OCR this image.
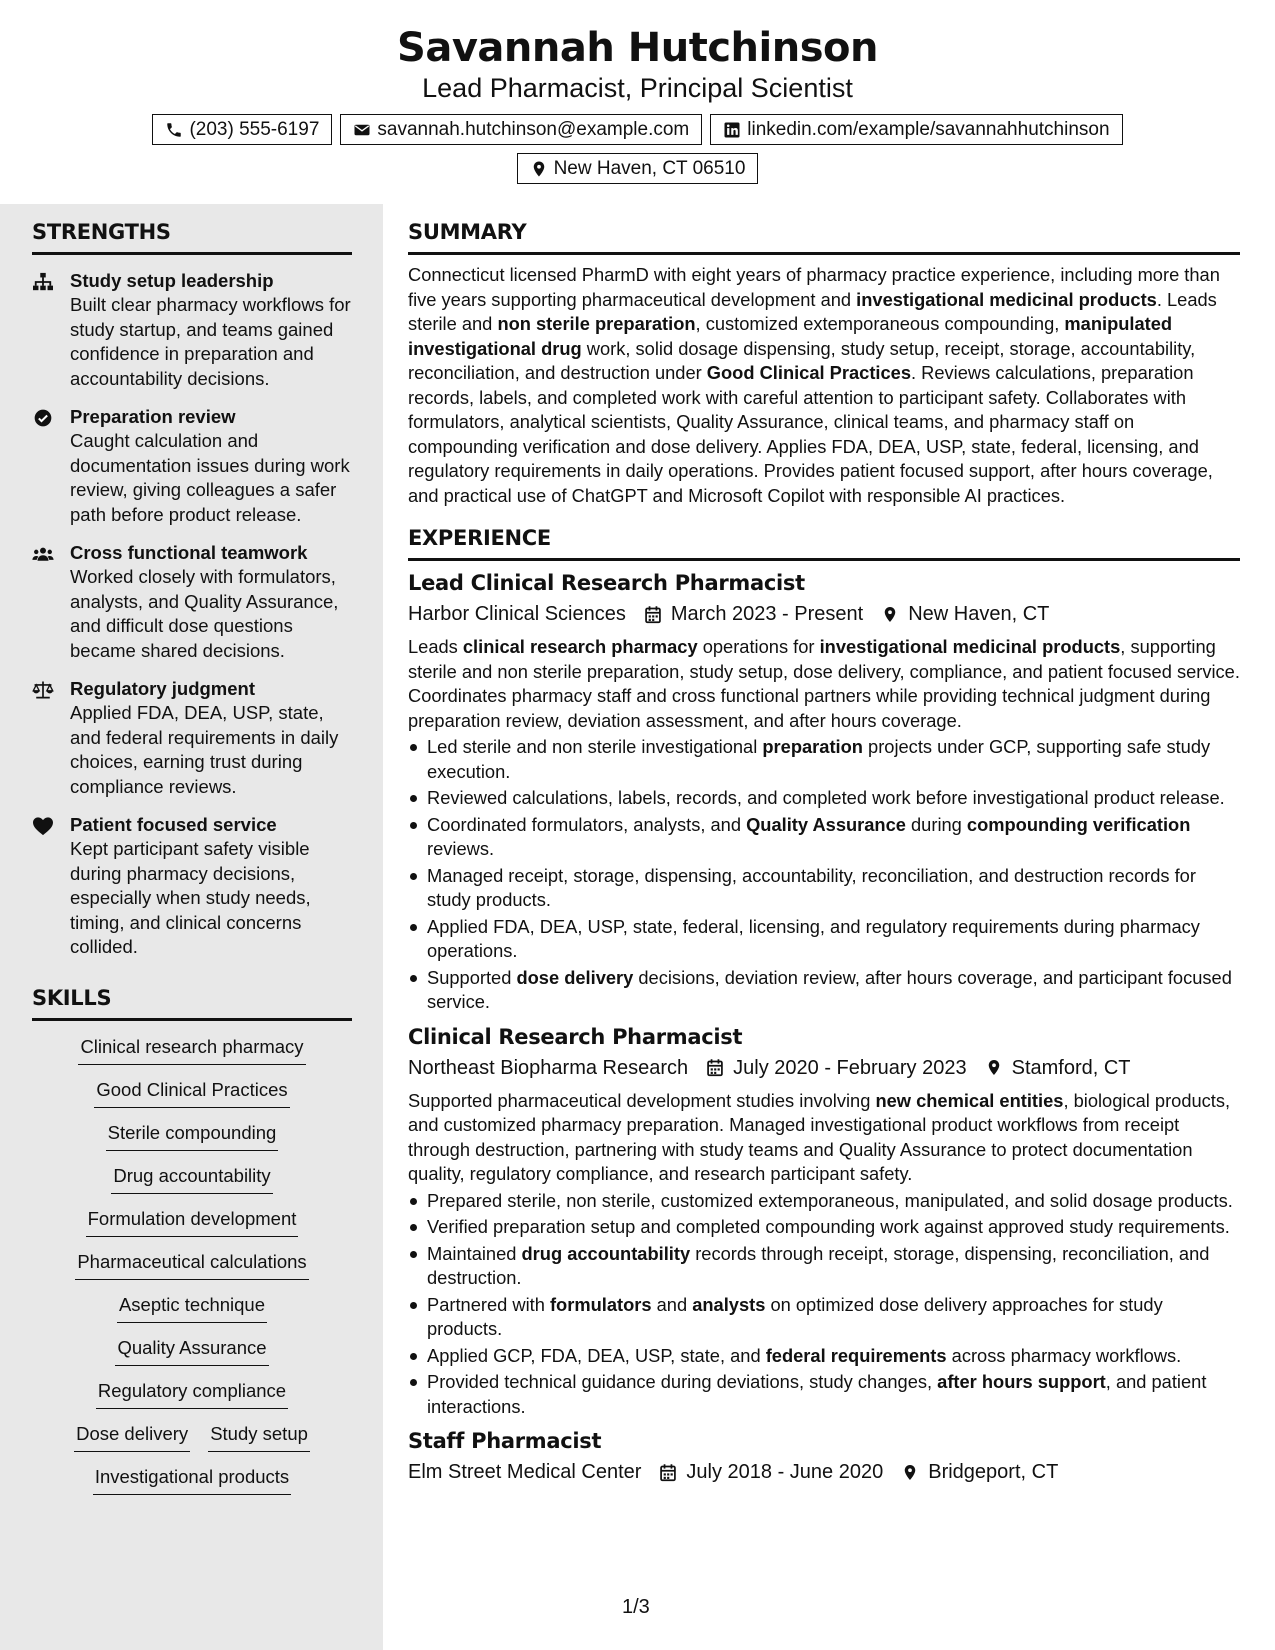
Savannah Hutchinson
Lead Pharmacist, Principal Scientist
(203) 555-6197	savannah.hutchinson@example.com	linkedin.com/example/savannahhutchinson
New Haven, CT 06510
STRENGTHS
Study setup leadership
Built clear pharmacy workflows for study startup, and teams gained confidence in preparation and accountability decisions.
Preparation review
Caught calculation and documentation issues during work review, giving colleagues a safer path before product release.
Cross functional teamwork
Worked closely with formulators, analysts, and Quality Assurance, and difficult dose questions became shared decisions.
Regulatory judgment
Applied FDA, DEA, USP, state, and federal requirements in daily choices, earning trust during compliance reviews.
Patient focused service
Kept participant safety visible during pharmacy decisions, especially when study needs, timing, and clinical concerns collided.
SKILLS
Clinical research pharmacy
Good Clinical Practices
Sterile compounding
Drug accountability
Formulation development
Pharmaceutical calculations
Aseptic technique
Quality Assurance
Regulatory compliance
Dose delivery Study setup
Investigational products
SUMMARY
Connecticut licensed PharmD with eight years of pharmacy practice experience, including more than five years supporting pharmaceutical development and investigational medicinal products. Leads sterile and non sterile preparation, customized extemporaneous compounding, manipulated investigational drug work, solid dosage dispensing, study setup, receipt, storage, accountability, reconciliation, and destruction under Good Clinical Practices. Reviews calculations, preparation records, labels, and completed work with careful attention to participant safety. Collaborates with formulators, analytical scientists, Quality Assurance, clinical teams, and pharmacy staff on compounding verification and dose delivery. Applies FDA, DEA, USP, state, federal, licensing, and regulatory requirements in daily operations. Provides patient focused support, after hours coverage, and practical use of ChatGPT and Microsoft Copilot with responsible AI practices.
EXPERIENCE
Lead Clinical Research Pharmacist
Harbor Clinical Sciences March 2023 - Present New Haven, CT
Leads clinical research pharmacy operations for investigational medicinal products, supporting sterile and non sterile preparation, study setup, dose delivery, compliance, and patient focused service. Coordinates pharmacy staff and cross functional partners while providing technical judgment during preparation review, deviation assessment, and after hours coverage.
Led sterile and non sterile investigational preparation projects under GCP, supporting safe study execution.
Reviewed calculations, labels, records, and completed work before investigational product release.
Coordinated formulators, analysts, and Quality Assurance during compounding verification reviews.
Managed receipt, storage, dispensing, accountability, reconciliation, and destruction records for study products.
Applied FDA, DEA, USP, state, federal, licensing, and regulatory requirements during pharmacy operations.
Supported dose delivery decisions, deviation review, after hours coverage, and participant focused service.
Clinical Research Pharmacist
Northeast Biopharma Research July 2020 - February 2023 Stamford, CT
Supported pharmaceutical development studies involving new chemical entities, biological products, and customized pharmacy preparation. Managed investigational product workflows from receipt through destruction, partnering with study teams and Quality Assurance to protect documentation quality, regulatory compliance, and research participant safety.
Prepared sterile, non sterile, customized extemporaneous, manipulated, and solid dosage products.
Verified preparation setup and completed compounding work against approved study requirements.
Maintained drug accountability records through receipt, storage, dispensing, reconciliation, and destruction.
Partnered with formulators and analysts on optimized dose delivery approaches for study products.
Applied GCP, FDA, DEA, USP, state, and federal requirements across pharmacy workflows.
Provided technical guidance during deviations, study changes, after hours support, and patient interactions.
Staff Pharmacist
Elm Street Medical Center July 2018 - June 2020 Bridgeport, CT
1/3
